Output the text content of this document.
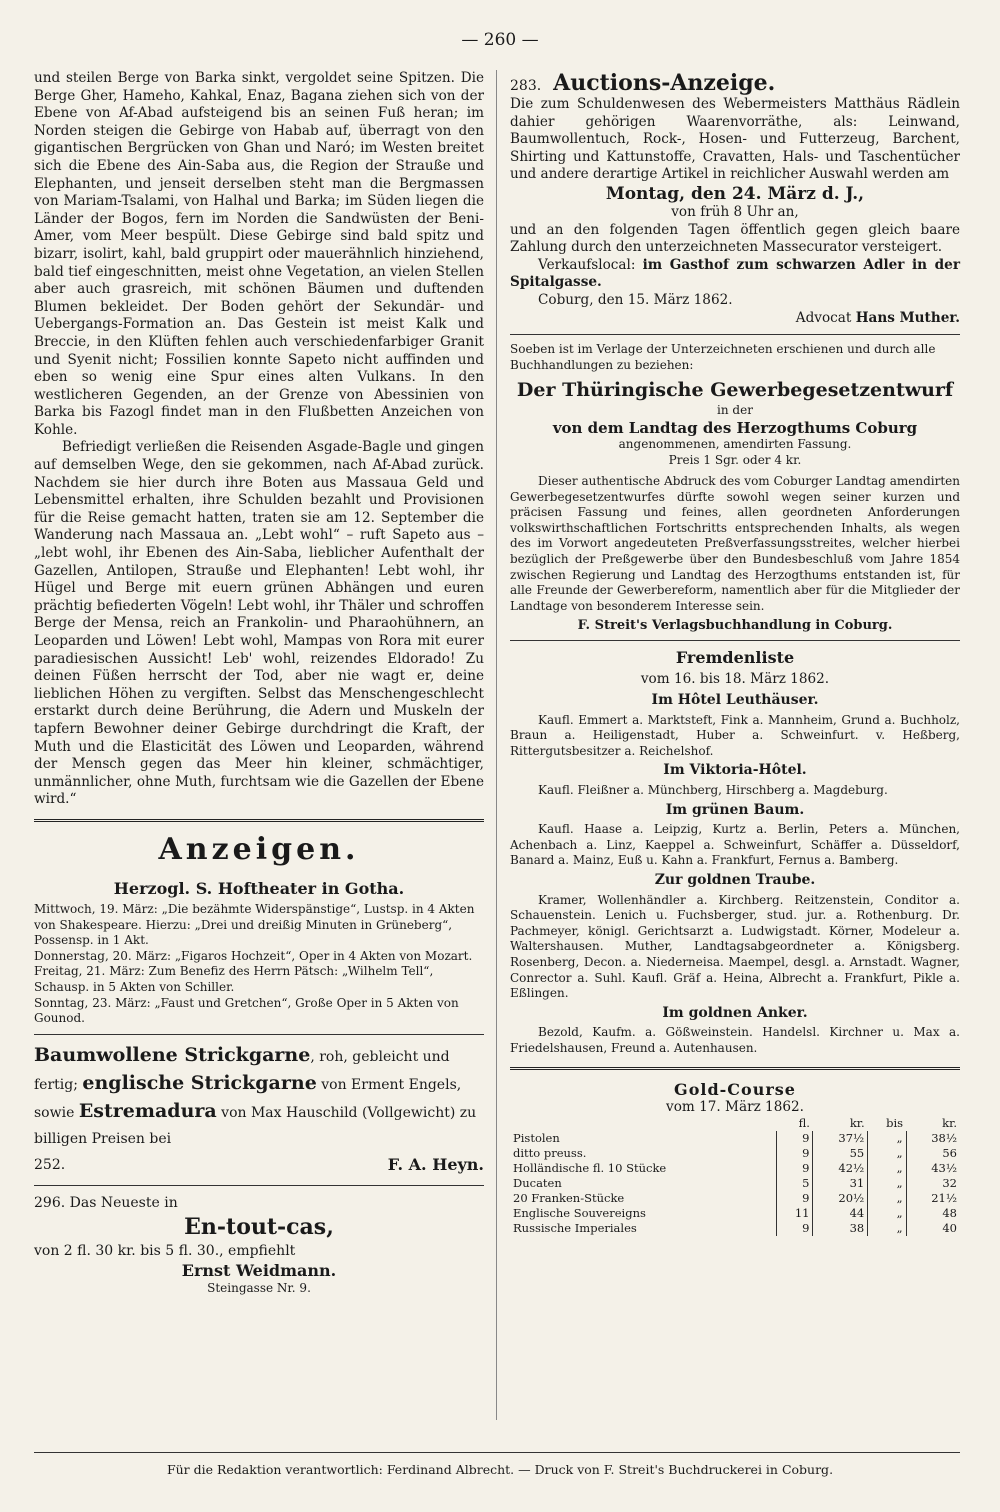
— 260 —

und steilen Berge von Barka sinkt, vergoldet seine Spitzen. Die Berge Gher, Hameho, Kahkal, Enaz, Bagana ziehen sich von der Ebene von Af-Abad aufsteigend bis an seinen Fuß heran; im Norden steigen die Gebirge von Habab auf, überragt von den gigantischen Bergrücken von Ghan und Naró; im Westen breitet sich die Ebene des Ain-Saba aus, die Region der Strauße und Elephanten, und jenseit derselben steht man die Bergmassen von Mariam-Tsalami, von Halhal und Barka; im Süden liegen die Länder der Bogos, fern im Norden die Sandwüsten der Beni-Amer, vom Meer bespült. Diese Gebirge sind bald spitz und bizarr, isolirt, kahl, bald gruppirt oder mauerähnlich hinziehend, bald tief eingeschnitten, meist ohne Vegetation, an vielen Stellen aber auch grasreich, mit schönen Bäumen und duftenden Blumen bekleidet. Der Boden gehört der Sekundär- und Uebergangs-Formation an. Das Gestein ist meist Kalk und Breccie, in den Klüften fehlen auch verschiedenfarbiger Granit und Syenit nicht; Fossilien konnte Sapeto nicht auffinden und eben so wenig eine Spur eines alten Vulkans. In den westlicheren Gegenden, an der Grenze von Abessinien von Barka bis Fazogl findet man in den Flußbetten Anzeichen von Kohle.

Befriedigt verließen die Reisenden Asgade-Bagle und gingen auf demselben Wege, den sie gekommen, nach Af-Abad zurück. Nachdem sie hier durch ihre Boten aus Massaua Geld und Lebensmittel erhalten, ihre Schulden bezahlt und Provisionen für die Reise gemacht hatten, traten sie am 12. September die Wanderung nach Massaua an. „Lebt wohl“ – ruft Sapeto aus – „lebt wohl, ihr Ebenen des Ain-Saba, lieblicher Aufenthalt der Gazellen, Antilopen, Strauße und Elephanten! Lebt wohl, ihr Hügel und Berge mit euern grünen Abhängen und euren prächtig befiederten Vögeln! Lebt wohl, ihr Thäler und schroffen Berge der Mensa, reich an Frankolin- und Pharaohühnern, an Leoparden und Löwen! Lebt wohl, Mampas von Rora mit eurer paradiesischen Aussicht! Leb' wohl, reizendes Eldorado! Zu deinen Füßen herrscht der Tod, aber nie wagt er, deine lieblichen Höhen zu vergiften. Selbst das Menschengeschlecht erstarkt durch deine Berührung, die Adern und Muskeln der tapfern Bewohner deiner Gebirge durchdringt die Kraft, der Muth und die Elasticität des Löwen und Leoparden, während der Mensch gegen das Meer hin kleiner, schmächtiger, unmännlicher, ohne Muth, furchtsam wie die Gazellen der Ebene wird.“

Anzeigen.
Herzogl. S. Hoftheater in Gotha.

Mittwoch, 19. März: „Die bezähmte Widerspänstige“, Lustsp. in 4 Akten von Shakespeare. Hierzu: „Drei und dreißig Minuten in Grüneberg“, Possensp. in 1 Akt.

Donnerstag, 20. März: „Figaros Hochzeit“, Oper in 4 Akten von Mozart.

Freitag, 21. März: Zum Benefiz des Herrn Pätsch: „Wilhelm Tell“, Schausp. in 5 Akten von Schiller.

Sonntag, 23. März: „Faust und Gretchen“, Große Oper in 5 Akten von Gounod.

Baumwollene Strickgarne, roh, gebleicht und fertig; englische Strickgarne von Erment Engels, sowie Estremadura von Max Hauschild (Vollgewicht) zu billigen Preisen bei
252.	F. A. Heyn.
296. Das Neueste in
En-tout-cas,
von 2 fl. 30 kr. bis 5 fl. 30., empfiehlt
Ernst Weidmann.
Steingasse Nr. 9.
283. Auctions-Anzeige.

Die zum Schuldenwesen des Webermeisters Matthäus Rädlein dahier gehörigen Waarenvorräthe, als: Leinwand, Baumwollentuch, Rock-, Hosen- und Futterzeug, Barchent, Shirting und Kattunstoffe, Cravatten, Hals- und Taschentücher und andere derartige Artikel in reichlicher Auswahl werden am

Montag, den 24. März d. J.,
von früh 8 Uhr an,

und an den folgenden Tagen öffentlich gegen gleich baare Zahlung durch den unterzeichneten Massecurator versteigert.

Verkaufslocal: im Gasthof zum schwarzen Adler in der Spitalgasse.

Coburg, den 15. März 1862.

Advocat Hans Muther.

Soeben ist im Verlage der Unterzeichneten erschienen und durch alle Buchhandlungen zu beziehen:

Der Thüringische Gewerbegesetzentwurf
in der
von dem Landtag des Herzogthums Coburg
angenommenen, amendirten Fassung.
Preis 1 Sgr. oder 4 kr.

Dieser authentische Abdruck des vom Coburger Landtag amendirten Gewerbegesetzentwurfes dürfte sowohl wegen seiner kurzen und präcisen Fassung und feines, allen geordneten Anforderungen volkswirthschaftlichen Fortschritts entsprechenden Inhalts, als wegen des im Vorwort angedeuteten Preßverfassungsstreites, welcher hierbei bezüglich der Preßgewerbe über den Bundesbeschluß vom Jahre 1854 zwischen Regierung und Landtag des Herzogthums entstanden ist, für alle Freunde der Gewerbereform, namentlich aber für die Mitglieder der Landtage von besonderem Interesse sein.

F. Streit's Verlagsbuchhandlung in Coburg.
Fremdenliste
vom 16. bis 18. März 1862.
Im Hôtel Leuthäuser.

Kaufl. Emmert a. Marktsteft, Fink a. Mannheim, Grund a. Buchholz, Braun a. Heiligenstadt, Huber a. Schweinfurt. v. Heßberg, Rittergutsbesitzer a. Reichelshof.

Im Viktoria-Hôtel.

Kaufl. Fleißner a. Münchberg, Hirschberg a. Magdeburg.

Im grünen Baum.

Kaufl. Haase a. Leipzig, Kurtz a. Berlin, Peters a. München, Achenbach a. Linz, Kaeppel a. Schweinfurt, Schäffer a. Düsseldorf, Banard a. Mainz, Euß u. Kahn a. Frankfurt, Fernus a. Bamberg.

Zur goldnen Traube.

Kramer, Wollenhändler a. Kirchberg. Reitzenstein, Conditor a. Schauenstein. Lenich u. Fuchsberger, stud. jur. a. Rothenburg. Dr. Pachmeyer, königl. Gerichtsarzt a. Ludwigstadt. Körner, Modeleur a. Waltershausen. Muther, Landtagsabgeordneter a. Königsberg. Rosenberg, Decon. a. Niederneisa. Maempel, desgl. a. Arnstadt. Wagner, Conrector a. Suhl. Kaufl. Gräf a. Heina, Albrecht a. Frankfurt, Pikle a. Eßlingen.

Im goldnen Anker.

Bezold, Kaufm. a. Gößweinstein. Handelsl. Kirchner u. Max a. Friedelshausen, Freund a. Autenhausen.

Gold-Course
vom 17. März 1862.
	fl.	kr.	bis	kr.
Pistolen	9	37½	„	38½
ditto preuss.	9	55	„	56
Holländische fl. 10 Stücke	9	42½	„	43½
Ducaten	5	31	„	32
20 Franken-Stücke	9	20½	„	21½
Englische Souvereigns	11	44	„	48
Russische Imperiales	9	38	„	40
Für die Redaktion verantwortlich: Ferdinand Albrecht. — Druck von F. Streit's Buchdruckerei in Coburg.
